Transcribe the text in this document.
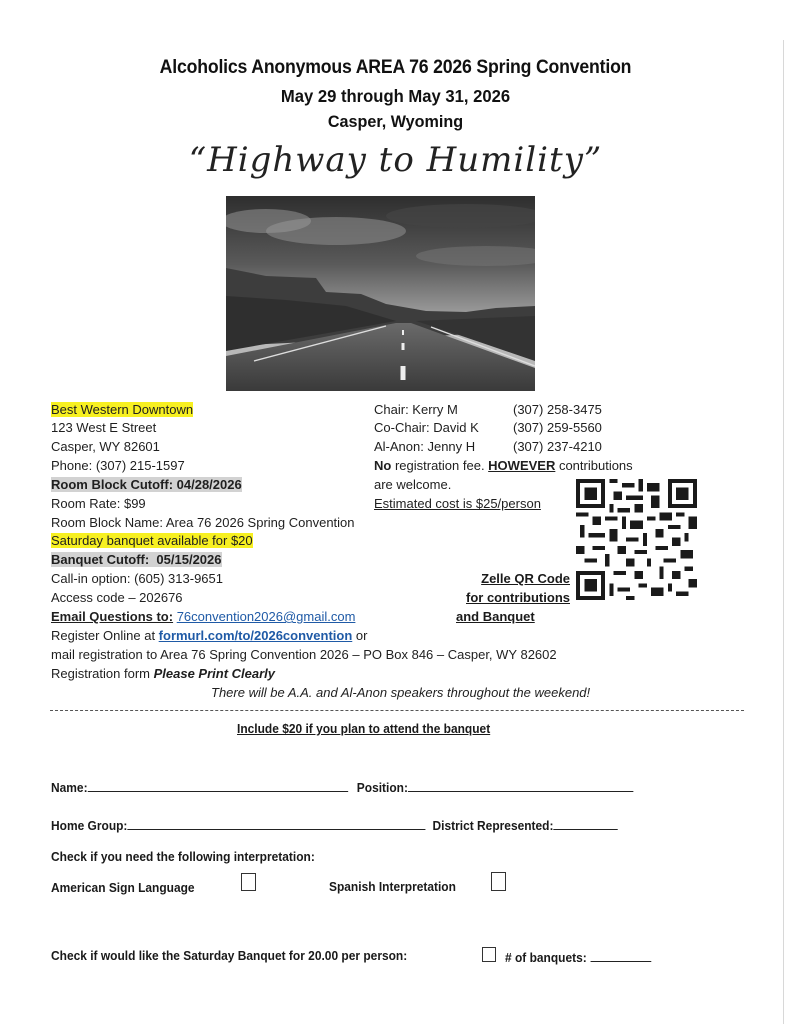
Alcoholics Anonymous AREA 76 2026 Spring Convention
May 29 through May 31, 2026
Casper, Wyoming
“Highway to Humility”
Best Western Downtown
123 West E Street
Casper, WY 82601
Phone: (307) 215-1597
Room Block Cutoff: 04/28/2026
Room Rate: $99
Room Block Name: Area 76 2026 Spring Convention
Saturday banquet available for $20
Banquet Cutoff:  05/15/2026
Call-in option: (605) 313-9651
Access code – 202676
Email Questions to: 76convention2026@gmail.com
Register Online at formurl.com/to/2026convention or
mail registration to Area 76 Spring Convention 2026 – PO Box 846 – Casper, WY 82602
Registration form Please Print Clearly
There will be A.A. and Al-Anon speakers throughout the weekend!
Chair: Kerry M	(307) 258-3475
Co-Chair: David K	(307) 259-5560
Al-Anon: Jenny H	(307) 237-4210
No registration fee. HOWEVER contributions
are welcome.
Estimated cost is $25/person
Zelle QR Code
for contributions
and Banquet
Include $20 if you plan to attend the banquet
Name:	Position:
Home Group:	District Represented:
Check if you need the following interpretation:
American Sign Language	Spanish Interpretation
Check if would like the Saturday Banquet for 20.00 per person:	# of banquets:
